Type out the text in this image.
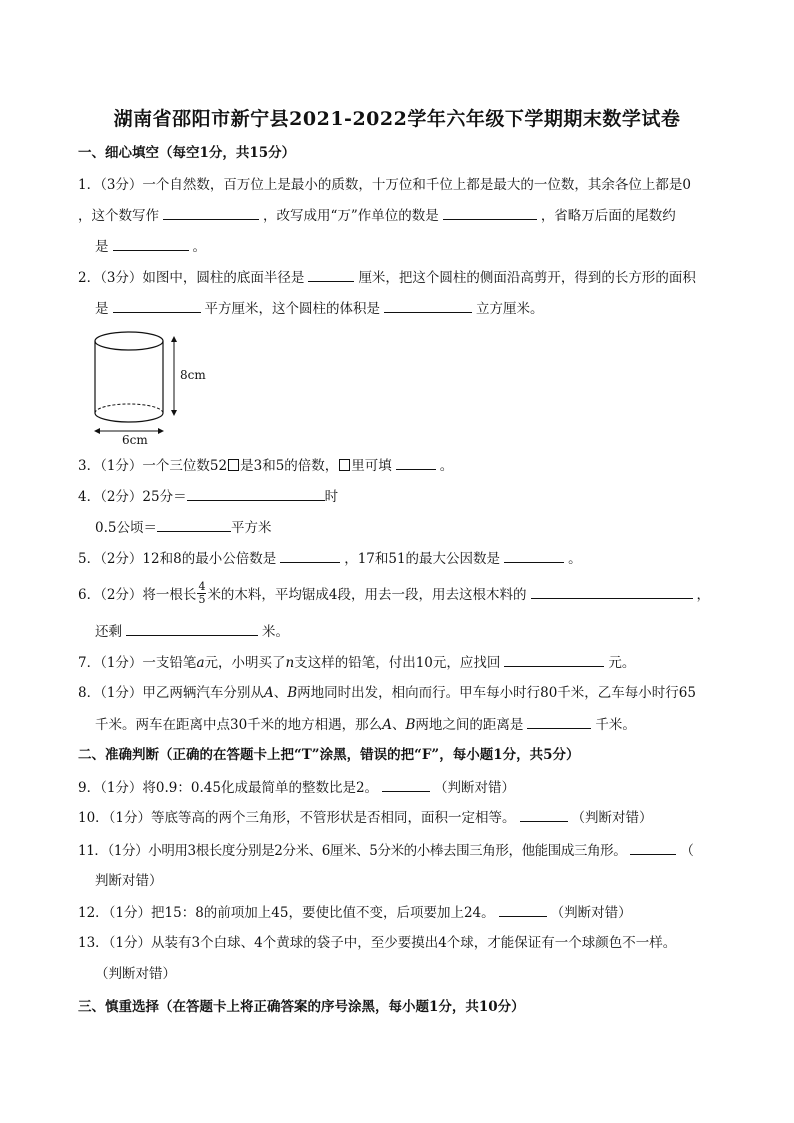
湖南省邵阳市新宁县2021-2022学年六年级下学期期末数学试卷
一、细心填空（每空1分，共15分）
1．（3分）一个自然数，百万位上是最小的质数，十万位和千位上都是最大的一位数，其余各位上都是0
，这个数写作	，改写成用“万”作单位的数是	，省略万后面的尾数约
是	。
2．（3分）如图中，圆柱的底面半径是	厘米，把这个圆柱的侧面沿高剪开，得到的长方形的面积
是	平方厘米，这个圆柱的体积是	立方厘米。
8cm
6cm
3．（1分）一个三位数52 是3和5的倍数， 里可填	。
4．（2分）25分＝	时
0.5公顷＝	平方米
5．（2分）12和8的最小公倍数是	，17和51的最大公因数是	。
6．（2分）将一根长 $\frac{4}{5}$ 米的木料，平均锯成4段，用去一段，用去这根木料的	，
还剩	米。
7．（1分）一支铅笔a元，小明买了n支这样的铅笔，付出10元，应找回	元。
8．（1分）甲乙两辆汽车分别从A、B两地同时出发，相向而行。甲车每小时行80千米，乙车每小时行65
千米。两车在距离中点30千米的地方相遇，那么A、B两地之间的距离是	千米。
二、准确判断（正确的在答题卡上把“T”涂黑，错误的把“F”，每小题1分，共5分）
9．（1分）将0.9：0.45化成最简单的整数比是2。	（判断对错）
10．（1分）等底等高的两个三角形，不管形状是否相同，面积一定相等。	（判断对错）
11．（1分）小明用3根长度分别是2分米、6厘米、5分米的小棒去围三角形，他能围成三角形。	（
判断对错）
12．（1分）把15：8的前项加上45，要使比值不变，后项要加上24。	（判断对错）
13．（1分）从装有3个白球、4个黄球的袋子中，至少要摸出4个球，才能保证有一个球颜色不一样。
（判断对错）
三、慎重选择（在答题卡上将正确答案的序号涂黑，每小题1分，共10分）
